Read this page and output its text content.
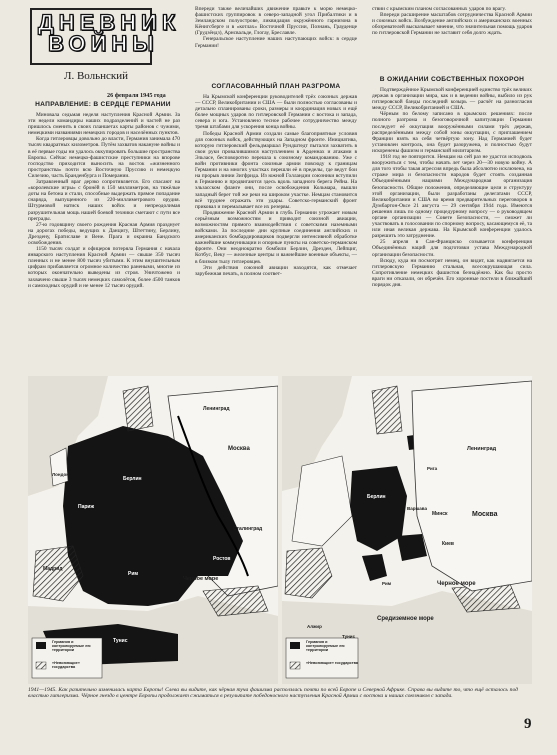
ДНЕВНИК
ВОЙНЫ
Л. Вольнский
26 февраля 1945 года
НАПРАВЛЕНИЕ: В СЕРДЦЕ ГЕРМАНИИ

Миновала седьмая неделя наступления Красной Армии. За эти недели командиры наших подразделений и частей не раз пришлось сменить в своих планшетах карты районов с чужими, немецкими названиями немецких городов и населённых пунктов.

Когда гитлеровцы довольно до власти, Германия занимала 470 тысяч квадратных километров. Путём захватов накануне войны и в её первые годы ни удалось оккупировать большие пространства Европы. Сейчас немецко-фашистские преступники на впорове господство приходится выносить на восток «жизненного пространства» почти всю Восточную Пруссию и немецкую Силезию, часть Бранденбурга и Померании.

Затравленный враг дерзко сопротивляется. Его спасают на «королевские игры» с бронёй в 150 миллиметров, на тяжёлые доты на бетона и стали, способные выдержать прямое попадание снаряда, выпущенного из 220-миллиметрового орудия. Штурмовой натиск наших войск и непреодолимая разрушительная мощь нашей боевой техники сметают с пути все преграды.

27-ю годовщину своего рождения Красная Армия празднует на дорогах победы, ведущих к Данцигу, Штеттину, Берлину, Дрездену, Братиславе и Вене. Прага и окраина Бандского освобождения.

1150 тысяч солдат и офицеров потеряла Германия с начала январского наступления Красной Армии — свыше 350 тысяч пленных и не менее 800 тысяч убитыми. К этим внушительным цифрам прибавляется огромное количество ранеными, многие из которых окончательно выведены из строя. Уничтожено и захвачено свыше 3 тысяч немецких самолётов, более 4500 танков и самоходных орудий и не менее 12 тысяч орудий.

Впереди также величайших движение правьте к морю немецко-фашистских группировок в северо-западной угол Прибалтики и в Земландском полуострове, ликвидация окружённого гарнизона в Кёнигсберге и в «котлах» Восточной Пруссии, Познань, Грауденце (Грудзёндз), Арнсвальде, Глогау, Бреславле.

Генеральское наступление наших наступающих войск: в сердце Германии!

СОГЛАСОВАННЫЙ ПЛАН РАЗГРОМА

На Крымской конференции руководителей трёх союзных держав — СССР, Великобритании и США — были полностью согласованы и детально спланированы сроки, размеры и координация новых и ещё более мощных ударов по гитлеровской Германии с востока и запада, севера и юга. Установлено тесное рабочее сотрудничество между тремя штабами для ускорения конца войны.

Победы Красной Армии создали самые благоприятные условия для союзных войск, действующих на Западном фронте. Инициатива, которую гитлеровский фельдмаршал Рундштедт пытался захватить в свои руки провалившимся наступлением в Арденнах и атаками в Эльзасе, бесповоротно перешла к союзному командованию. Уже с войн противники фронта союзные армии повсюду к границам Германии и на многих участках перешли её в пределы, где ведут бои на прорыв линии Зигфрида. Из южной Голландии союзники вступили в Германию и продвигаются здесь вдоль западного берега Рейна. На эльзасском фланге они, после освобождения Кольмара, вышли западный берег той же реки на широком участке. Немцам становится всё труднее отражать эти удары. Советско-германский фронт приковал и перемалывает все их резервы.

Продвижение Красной Армии в глубь Германии угрожает новым серьёзным возможностям и приводит союзной авиации, возможностям прямого взаимодействия с советскими наземными войсками. За последние дни крупные соединения английских и американских бомбардировщиков подвергли интенсивной обработке важнейшие коммуникации и опорные пункты на советско-германском фронте. Они неоднократно бомбили Берлин, Дрезден, Лейпциг, Котбус, Веку — железные центры и важнейшие военные объекты, — в близком тылу гитлеровцев.

Эти действия союзной авиации находятся, как отмечает зарубежная печать, в полном соответ-

ствии с крымским планом согласованных ударов по врагу.

Впереди расширение масштабов сотрудничества Красной Армии и союзных войск. Возбуждение английских и американских военных обозревателей высказывает мнение, что значительная помощь ударов по гитлеровской Германии не заставит себя долго ждать.

В ОЖИДАНИИ СОБСТВЕННЫХ ПОХОРОН

Подтверждённое Крымской конференцией единство трёх великих держав в организации мира, как и в ведении войны, выбило из рук гитлеровской банды последний козырь — расчёт на разногласия между СССР, Великобританией и США.

Чёрным по белому записано в крымских решениях: после полного разгрома и безоговорочной капитуляции Германии последует её оккупация вооружёнными силами трёх держав, распределёнными между собой зоны оккупации, с приглашением Франции взять на себя четвёртую зону. Над Германией будет установлен контроль, она будет разоружена, и полностью будут искоренены фашизм и германский милитаризм.

1918 год не повторится. Немцам на сей раз не удастся исподволь вооружиться с тем, чтобы начать лет через 20—30 новую войну. А для того чтобы такая агрессия впредь была абсолютно исключена, на страже мира и безопасности народов будет стоять созданная Объединёнными нациями Международная организация безопасности. Общие положения, определяющие цели и структуру этой организации, были разработаны делегатами СССР, Великобритании и США во время предварительных переговоров в Думбартон-Оксе 21 августа — 29 сентября 1944 года. Имеются решения лишь по одному процедурному вопросу — о руководящем органе организации — Совете Безопасности, — сможет ли участвовать в голосовании по спорному вопросу, касающемуся её, та или иная великая держава. На Крымской конференции удалось разрешить это затруднение.

25 апреля в Сан-Франциско созывается конференция Объединённых наций для подготовки устава Международной организации безопасности.

Всюду, куда ни посмотрит немец, он видит, как надвигается на гитлеровскую Германию стальная, всесокрушающая сила. Сопротивление немецких фашистов безнадёжно. Как бы просто враги ни отказали, он обречён. Его хоронные постели в ближайший порядок дня.

Москва
Ленинград
Сталинград
Ростов
Черное море
Лондон
Берлин
Париж
Мадрид
Рим
Тунис
Германия и контролируемые ею территории
«Невоюющие» государства
Москва
Ленинград
Минск
Киев
Варшава
Берлин
Рига
Черное море
Средиземное море
Рим
Тунис
Алжир
Германия и контролируемые ею территории
«Невоюющие» государства
1941—1945. Как разительно изменилась карта Европы! Слева вы видите, как чёрная туча фашизма расползлась почти по всей Европе и Северной Африке. Справа вы видите то, что ещё осталось под властью гитлеризма. Чёрное гнездо в центре Европы продолжает сжиматься в результате победоносного наступления Красной Армии с востока и наших союзников с запада.
9
